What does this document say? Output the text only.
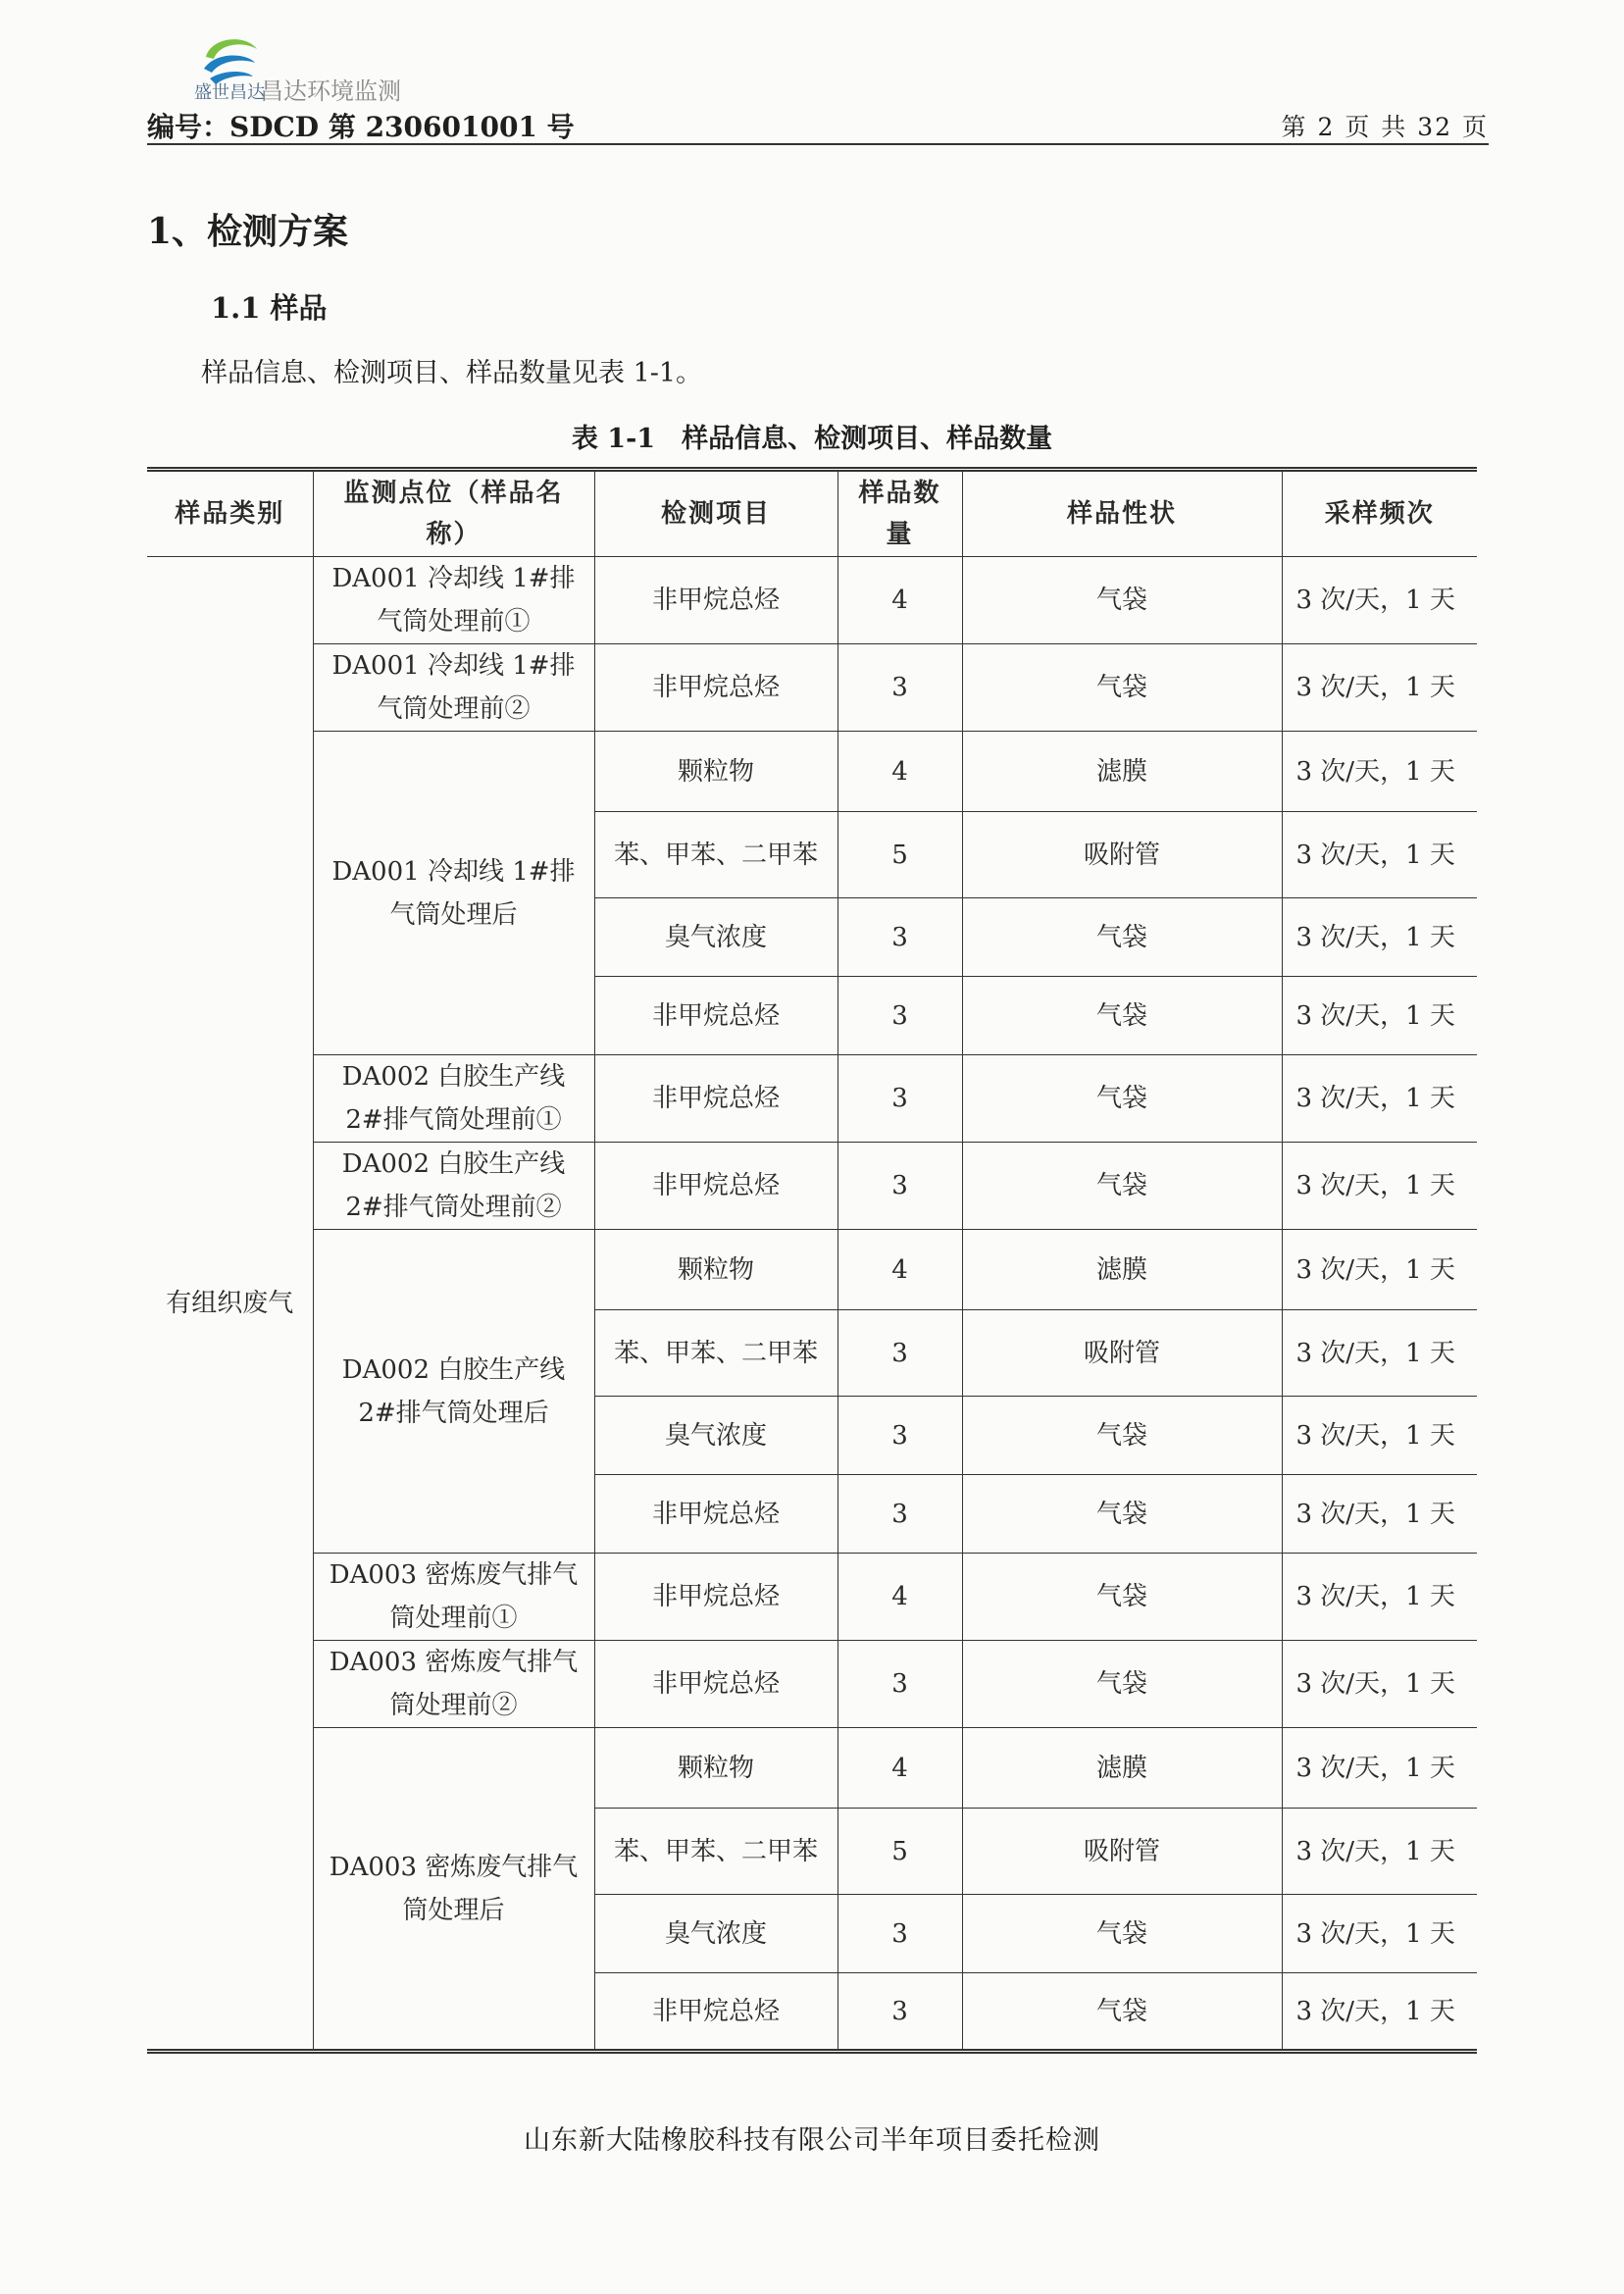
盛世昌达
昌达环境监测
编号：SDCD 第 230601001 号	第 2 页 共 32 页
1、检测方案
1.1 样品
样品信息、检测项目、样品数量见表 1-1。
表 1-1　样品信息、检测项目、样品数量
样品类别	监测点位（样品名称）	检测项目	样品数量	样品性状	采样频次
有组织废气	DA001 冷却线 1#排气筒处理前①	非甲烷总烃	4	气袋	3 次/天，1 天
	DA001 冷却线 1#排气筒处理前②	非甲烷总烃	3	气袋	3 次/天，1 天
	DA001 冷却线 1#排气筒处理后	颗粒物	4	滤膜	3 次/天，1 天
		苯、甲苯、二甲苯	5	吸附管	3 次/天，1 天
		臭气浓度	3	气袋	3 次/天，1 天
		非甲烷总烃	3	气袋	3 次/天，1 天
	DA002 白胶生产线 2#排气筒处理前①	非甲烷总烃	3	气袋	3 次/天，1 天
	DA002 白胶生产线 2#排气筒处理前②	非甲烷总烃	3	气袋	3 次/天，1 天
	DA002 白胶生产线 2#排气筒处理后	颗粒物	4	滤膜	3 次/天，1 天
		苯、甲苯、二甲苯	3	吸附管	3 次/天，1 天
		臭气浓度	3	气袋	3 次/天，1 天
		非甲烷总烃	3	气袋	3 次/天，1 天
	DA003 密炼废气排气筒处理前①	非甲烷总烃	4	气袋	3 次/天，1 天
	DA003 密炼废气排气筒处理前②	非甲烷总烃	3	气袋	3 次/天，1 天
	DA003 密炼废气排气筒处理后	颗粒物	4	滤膜	3 次/天，1 天
		苯、甲苯、二甲苯	5	吸附管	3 次/天，1 天
		臭气浓度	3	气袋	3 次/天，1 天
		非甲烷总烃	3	气袋	3 次/天，1 天
山东新大陆橡胶科技有限公司半年项目委托检测
